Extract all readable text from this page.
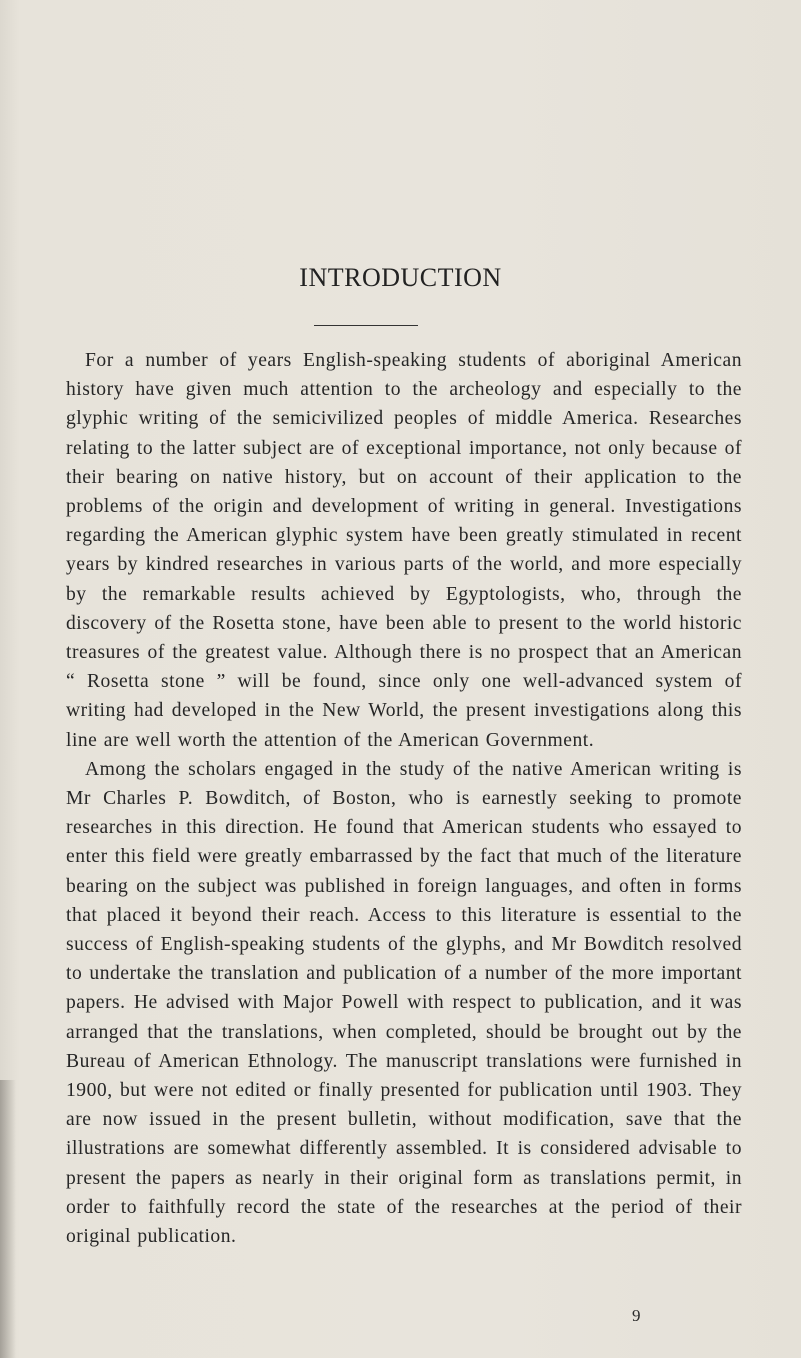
INTRODUCTION

For a number of years English-speaking students of aboriginal American history have given much attention to the archeology and especially to the glyphic writing of the semicivilized peoples of middle America. Researches relating to the latter subject are of exceptional importance, not only because of their bearing on native history, but on account of their application to the problems of the origin and development of writing in general. Investigations regarding the American glyphic system have been greatly stimulated in recent years by kindred researches in various parts of the world, and more especially by the remarkable results achieved by Egyptologists, who, through the discovery of the Rosetta stone, have been able to present to the world historic treasures of the greatest value. Although there is no prospect that an American “ Rosetta stone ” will be found, since only one well-advanced system of writing had developed in the New World, the present investigations along this line are well worth the attention of the American Government.

Among the scholars engaged in the study of the native American writing is Mr Charles P. Bowditch, of Boston, who is earnestly seeking to promote researches in this direction. He found that American students who essayed to enter this field were greatly embarrassed by the fact that much of the literature bearing on the subject was published in foreign languages, and often in forms that placed it beyond their reach. Access to this literature is essential to the success of English-speaking students of the glyphs, and Mr Bowditch resolved to undertake the translation and publication of a number of the more important papers. He advised with Major Powell with respect to publication, and it was arranged that the translations, when completed, should be brought out by the Bureau of American Ethnology. The manuscript translations were furnished in 1900, but were not edited or finally presented for publication until 1903. They are now issued in the present bulletin, without modification, save that the illustrations are somewhat differently assembled. It is considered advisable to present the papers as nearly in their original form as translations permit, in order to faithfully record the state of the researches at the period of their original publication.

9
